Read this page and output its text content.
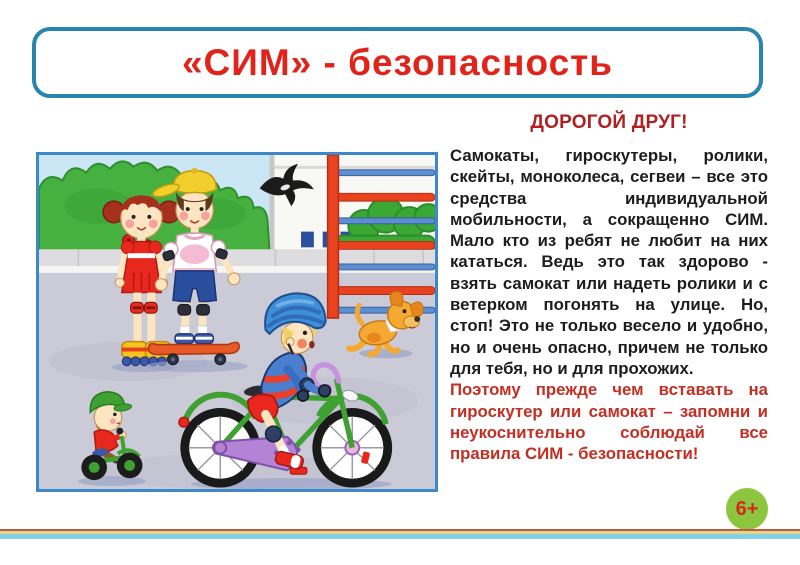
«СИМ» - безопасность
ДОРОГОЙ ДРУГ!

Самокаты, гироскутеры, ролики, скейты, моноколеса, сегвеи – все это средства индивидуальной мобильности, а сокращенно СИМ. Мало кто из ребят не любит на них кататься. Ведь это так здорово - взять самокат или надеть ролики и с ветерком погонять на улице. Но, стоп! Это не только весело и удобно, но и очень опасно, причем не только для тебя, но и для прохожих.

Поэтому прежде чем вставать на гироскутер или самокат – запомни и неукоснительно соблюдай все правила СИМ - безопасности!

6+
